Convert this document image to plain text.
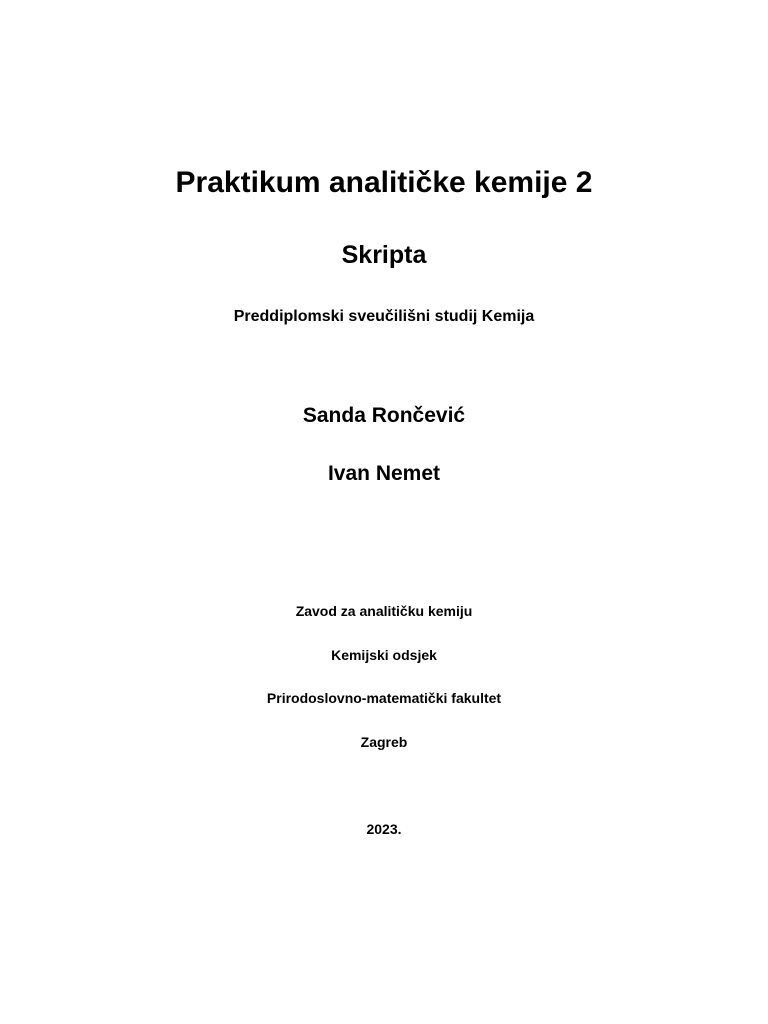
Praktikum analitičke kemije 2
Skripta
Preddiplomski sveučilišni studij Kemija
Sanda Rončević
Ivan Nemet
Zavod za analitičku kemiju
Kemijski odsjek
Prirodoslovno-matematički fakultet
Zagreb
2023.
